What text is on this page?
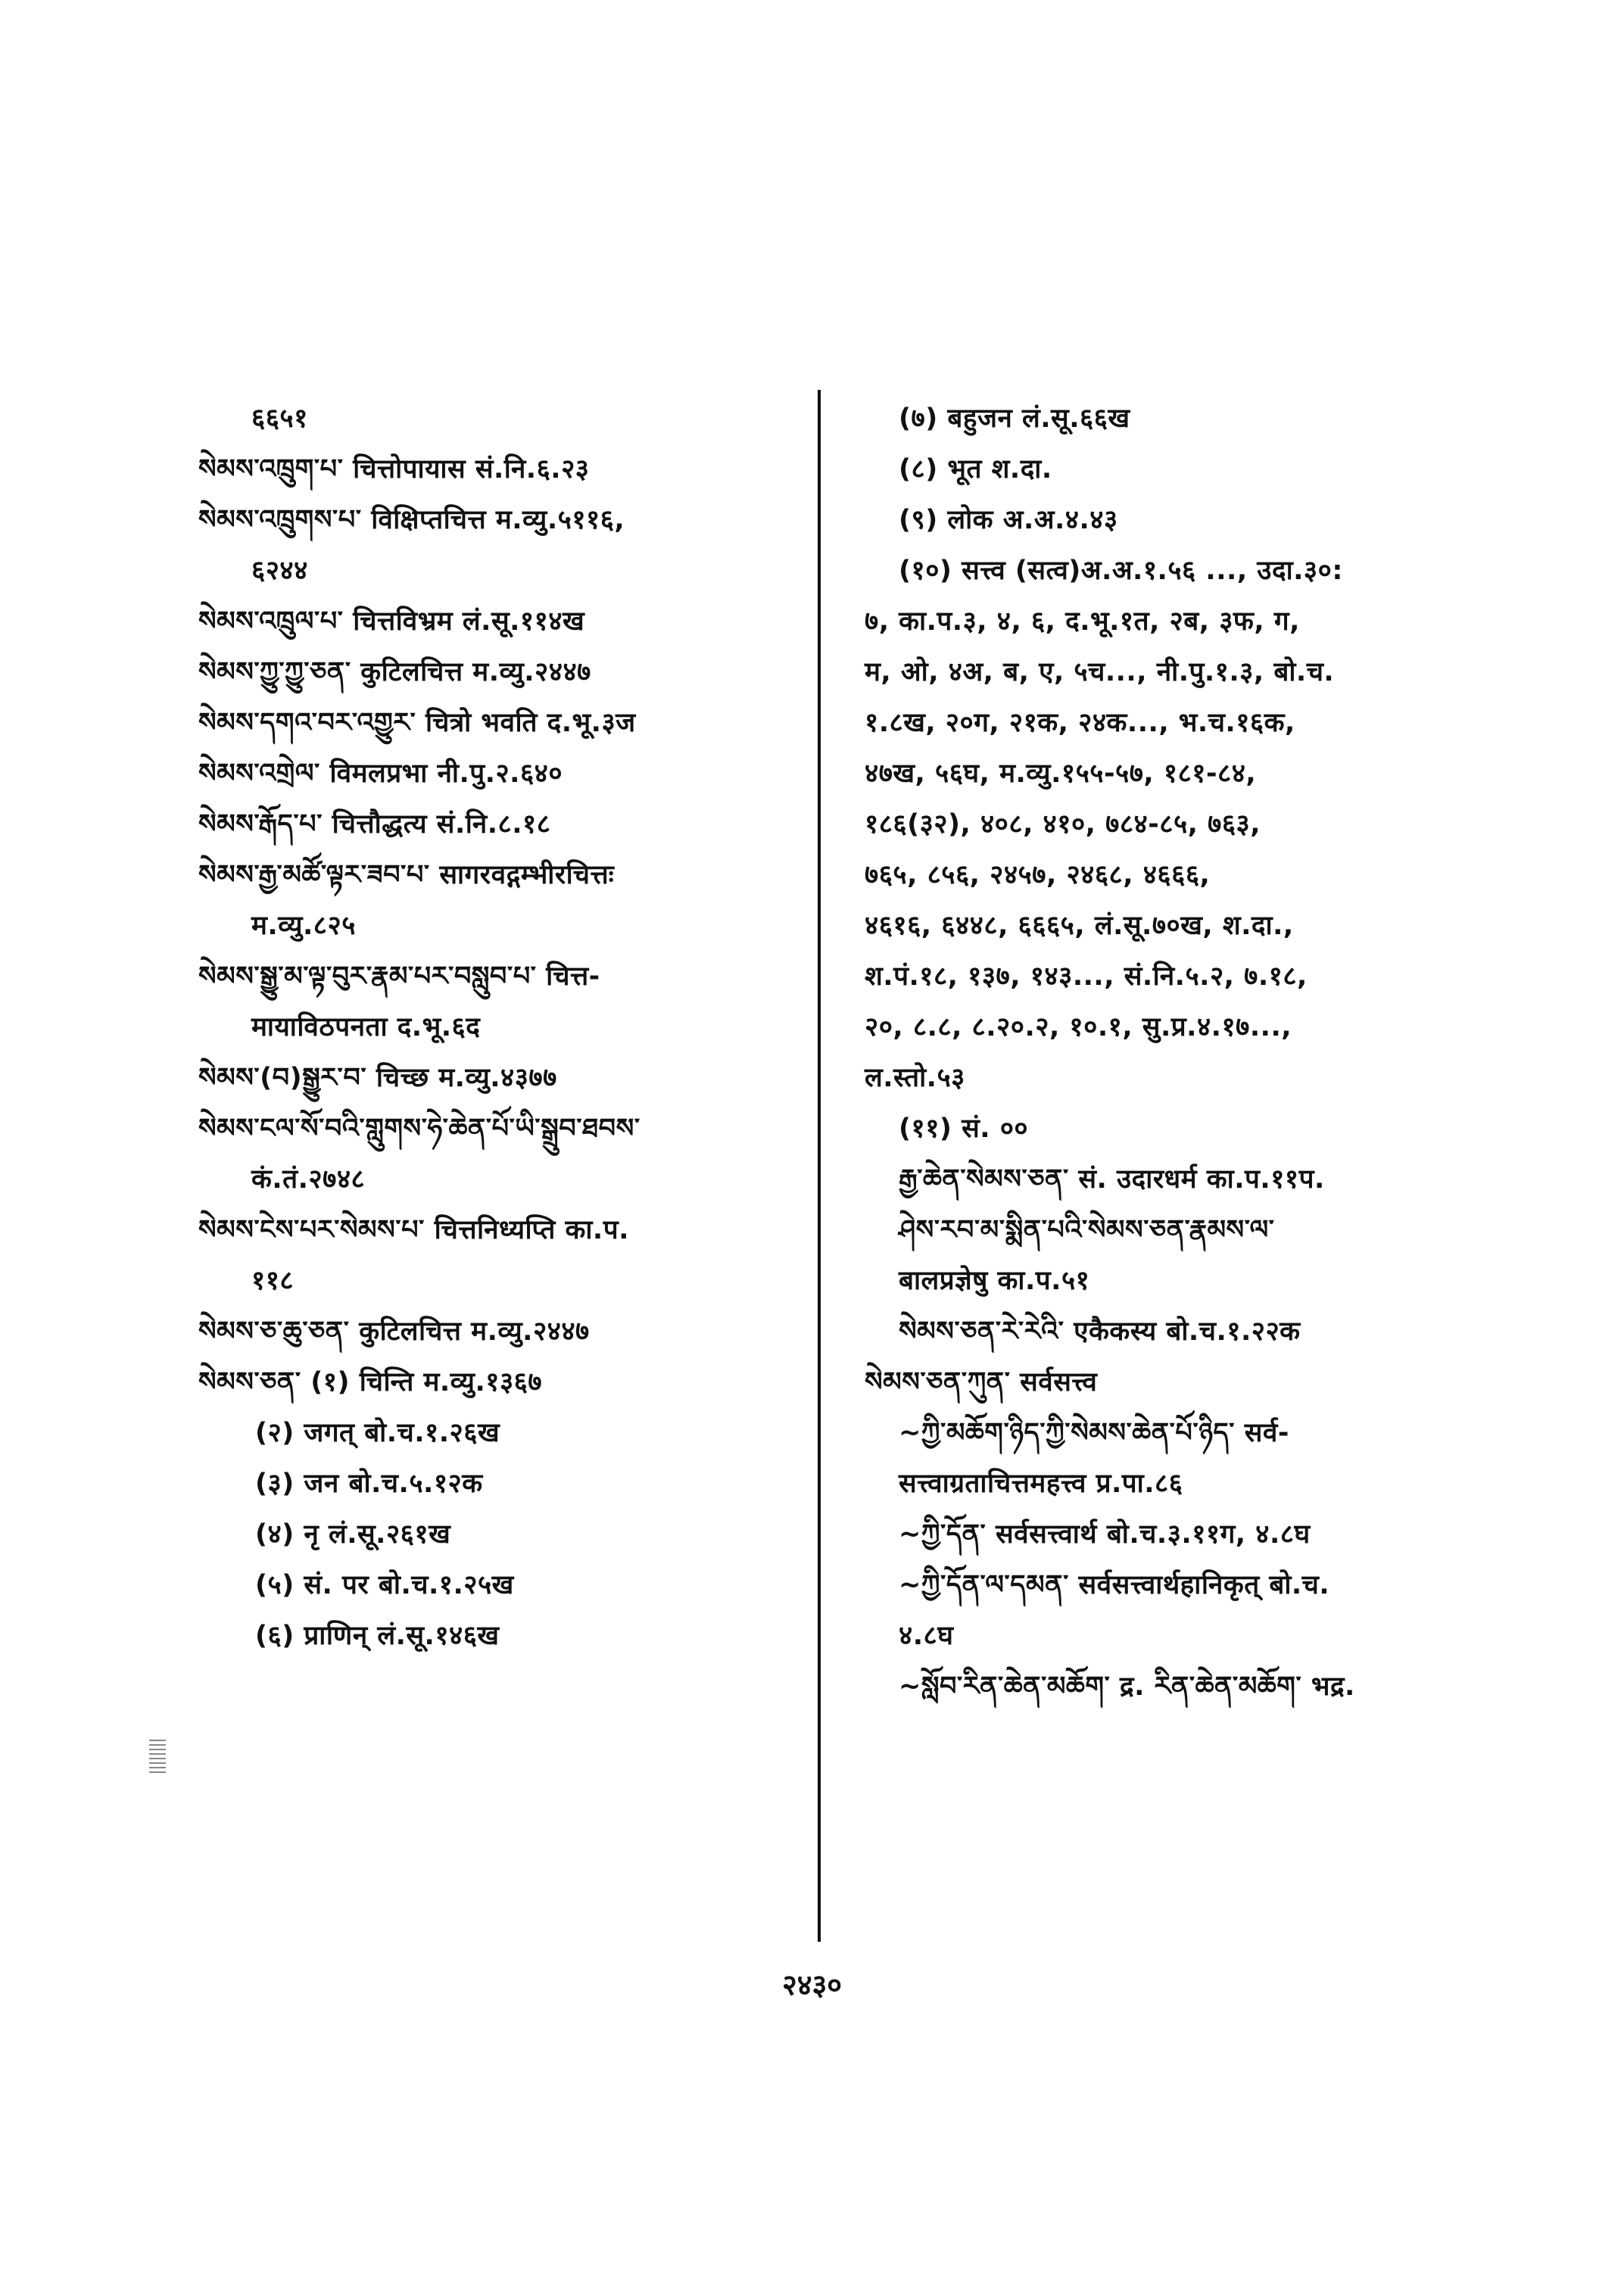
६६५१
སེམས་འཁྲུག་པ་ चित्तोपायास सं.नि.६.२३
སེམས་འཁྲུགས་པ་ विक्षिप्तचित्त म.व्यु.५११६,
६२४४
སེམས་འཁྲུལ་པ་ चित्तविभ्रम लं.सू.११४ख
སེམས་ཀྱུ་ཀྱུ་ཅན་ कुटिलचित्त म.व्यु.२४४७
སེམས་དགའ་བར་འགྱུར་ चित्रो भवति द.भू.३ज
སེམས་འགྲེལ་ विमलप्रभा नी.पु.२.६४०
སེམས་རྒོད་པ་ चित्तौद्धत्य सं.नि.८.१८
སེམས་རྒྱ་མཚོ་ལྟར་ཟབ་པ་ सागरवद्गम्भीरचित्तः
म.व्यु.८२५
སེམས་སྒྱུ་མ་ལྟ་བུར་རྣམ་པར་བསླུབ་པ་ चित्त-
मायाविठपनता द.भू.६द
སེམས་(བ)སྒྱུར་བ་ चिच्छ म.व्यु.४३७७
སེམས་ངལ་སོ་བའི་གླུགས་ཧེ་ཆེན་པོ་ཡི་སྒྲུབ་ཐབས་
कं.तं.२७४८
སེམས་ངེས་པར་སེམས་པ་ चित्तनिध्यप्ति का.प.
११८
སེམས་ཅ་ཆུ་ཅན་ कुटिलचित्त म.व्यु.२४४७
སེམས་ཅན་ (१) चिन्ति म.व्यु.१३६७
(२) जगत् बो.च.१.२६ख
(३) जन बो.च.५.१२क
(४) नृ लं.सू.२६१ख
(५) सं. पर बो.च.१.२५ख
(६) प्राणिन् लं.सू.१४६ख
(७) बहुजन लं.सू.६६ख
(८) भूत श.दा.
(९) लोक अ.अ.४.४३
(१०) सत्त्व (सत्व)अ.अ.१.५६ ..., उदा.३०:
७, का.प.३, ४, ६, द.भू.१त, २ब, ३फ, ग,
म, ओ, ४अ, ब, ए, ५च..., नी.पु.१.३, बो.च.
१.८ख, २०ग, २१क, २४क..., भ.च.१६क,
४७ख, ५६घ, म.व्यु.१५५-५७, १८१-८४,
१८६(३२), ४०८, ४१०, ७८४-८५, ७६३,
७६५, ८५६, २४५७, २४६८, ४६६६,
४६१६, ६४४८, ६६६५, लं.सू.७०ख, श.दा.,
श.पं.१८, १३७, १४३..., सं.नि.५.२, ७.१८,
२०, ८.८, ८.२०.२, १०.१, सु.प्र.४.१७...,
ल.स्तो.५३
(११) सं. ००
རྒྱ་ཆེན་སེམས་ཅན་ सं. उदारधर्म का.प.११प.
ཤེས་རབ་མ་སྨིན་པའི་སེམས་ཅན་རྣམས་ལ་
बालप्रज्ञेषु का.प.५१
སེམས་ཅན་རེ་རེའི་ एकैकस्य बो.च.१.२२क
སེམས་ཅན་ཀུན་ सर्वसत्त्व
~ཀྱི་མཆོག་ཉིད་ཀྱི་སེམས་ཆེན་པོ་ཉིད་ सर्व-
सत्त्वाग्रताचित्तमहत्त्व प्र.पा.८६
~ཀྱི་དོན་ सर्वसत्त्वार्थ बो.च.३.११ग, ४.८घ
~ཀྱི་དོན་ལ་དམན་ सर्वसत्त्वार्थहानिकृत् बो.च.
४.८घ
~སློབ་རིན་ཆེན་མཆོག་ द्र. རིན་ཆེན་མཆོག་ भद्र.
२४३०
